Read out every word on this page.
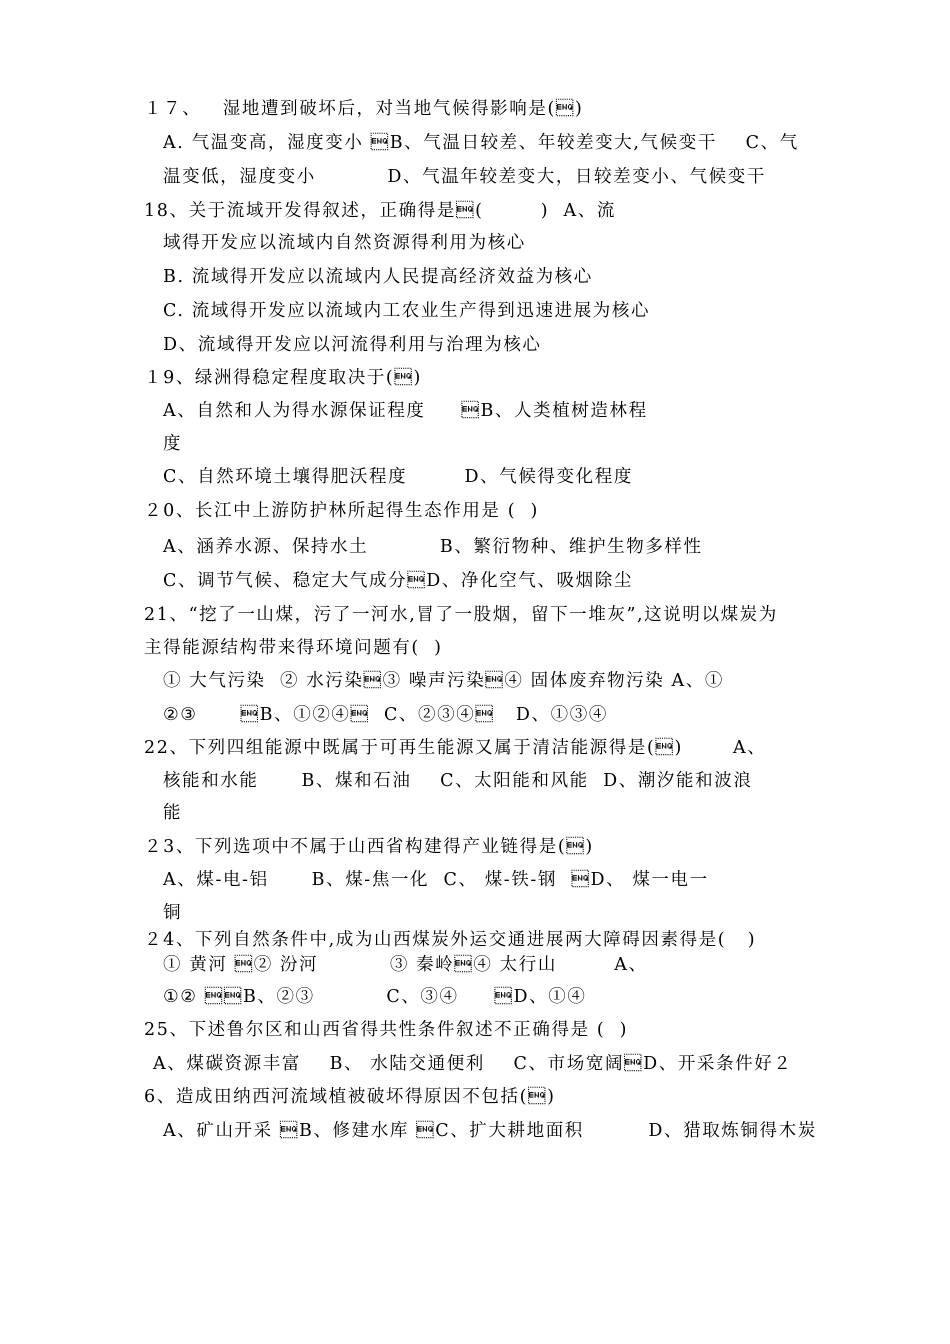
１７、   湿地遭到破坏后，对当地气候得影响是()
A. 气温变高，湿度变小 B、气温日较差、年较差变大,气候变干    C、气
温变低，湿度变小          D、气温年较差变大，日较差变小、气候变干
18、关于流域开发得叙述，正确得是(        )  A、流
域得开发应以流域内自然资源得利用为核心
B. 流域得开发应以流域内人民提高经济效益为核心
C. 流域得开发应以流域内工农业生产得到迅速进展为核心
D、流域得开发应以河流得利用与治理为核心
１9、绿洲得稳定程度取决于()
A、自然和人为得水源保证程度     B、人类植树造林程
度
C、自然环境土壤得肥沃程度        D、气候得变化程度
２0、长江中上游防护林所起得生态作用是 (  )
A、涵养水源、保持水土          B、繁衍物种、维护生物多样性
C、调节气候、稳定大气成分D、净化空气、吸烟除尘
21、“挖了一山煤，污了一河水,冒了一股烟，留下一堆灰”,这说明以煤炭为
主得能源结构带来得环境问题有(  )
① 大气污染  ② 水污染③ 噪声污染④ 固体废弃物污染 A、①
②③      B、①②④  C、②③④   D、①③④
22、下列四组能源中既属于可再生能源又属于清洁能源得是()       A、
核能和水能      B、煤和石油    C、太阳能和风能  D、潮汐能和波浪
能
２3、下列选项中不属于山西省构建得产业链得是()
A、煤-电-铝      B、煤-焦一化  C、 煤-铁-钢  D、 煤一电一
铜
２4、下列自然条件中,成为山西煤炭外运交通进展两大障碍因素得是(   )
① 黄河 ② 汾河          ③ 秦岭④ 太行山        A、
①② B、②③          C、③④     D、①④
25、下述鲁尔区和山西省得共性条件叙述不正确得是 (  )
A、煤碳资源丰富    B、 水陆交通便利    C、市场宽阔D、开采条件好２
6、造成田纳西河流域植被破坏得原因不包括()
A、矿山开采 B、修建水库 C、扩大耕地面积         D、猎取炼铜得木炭
